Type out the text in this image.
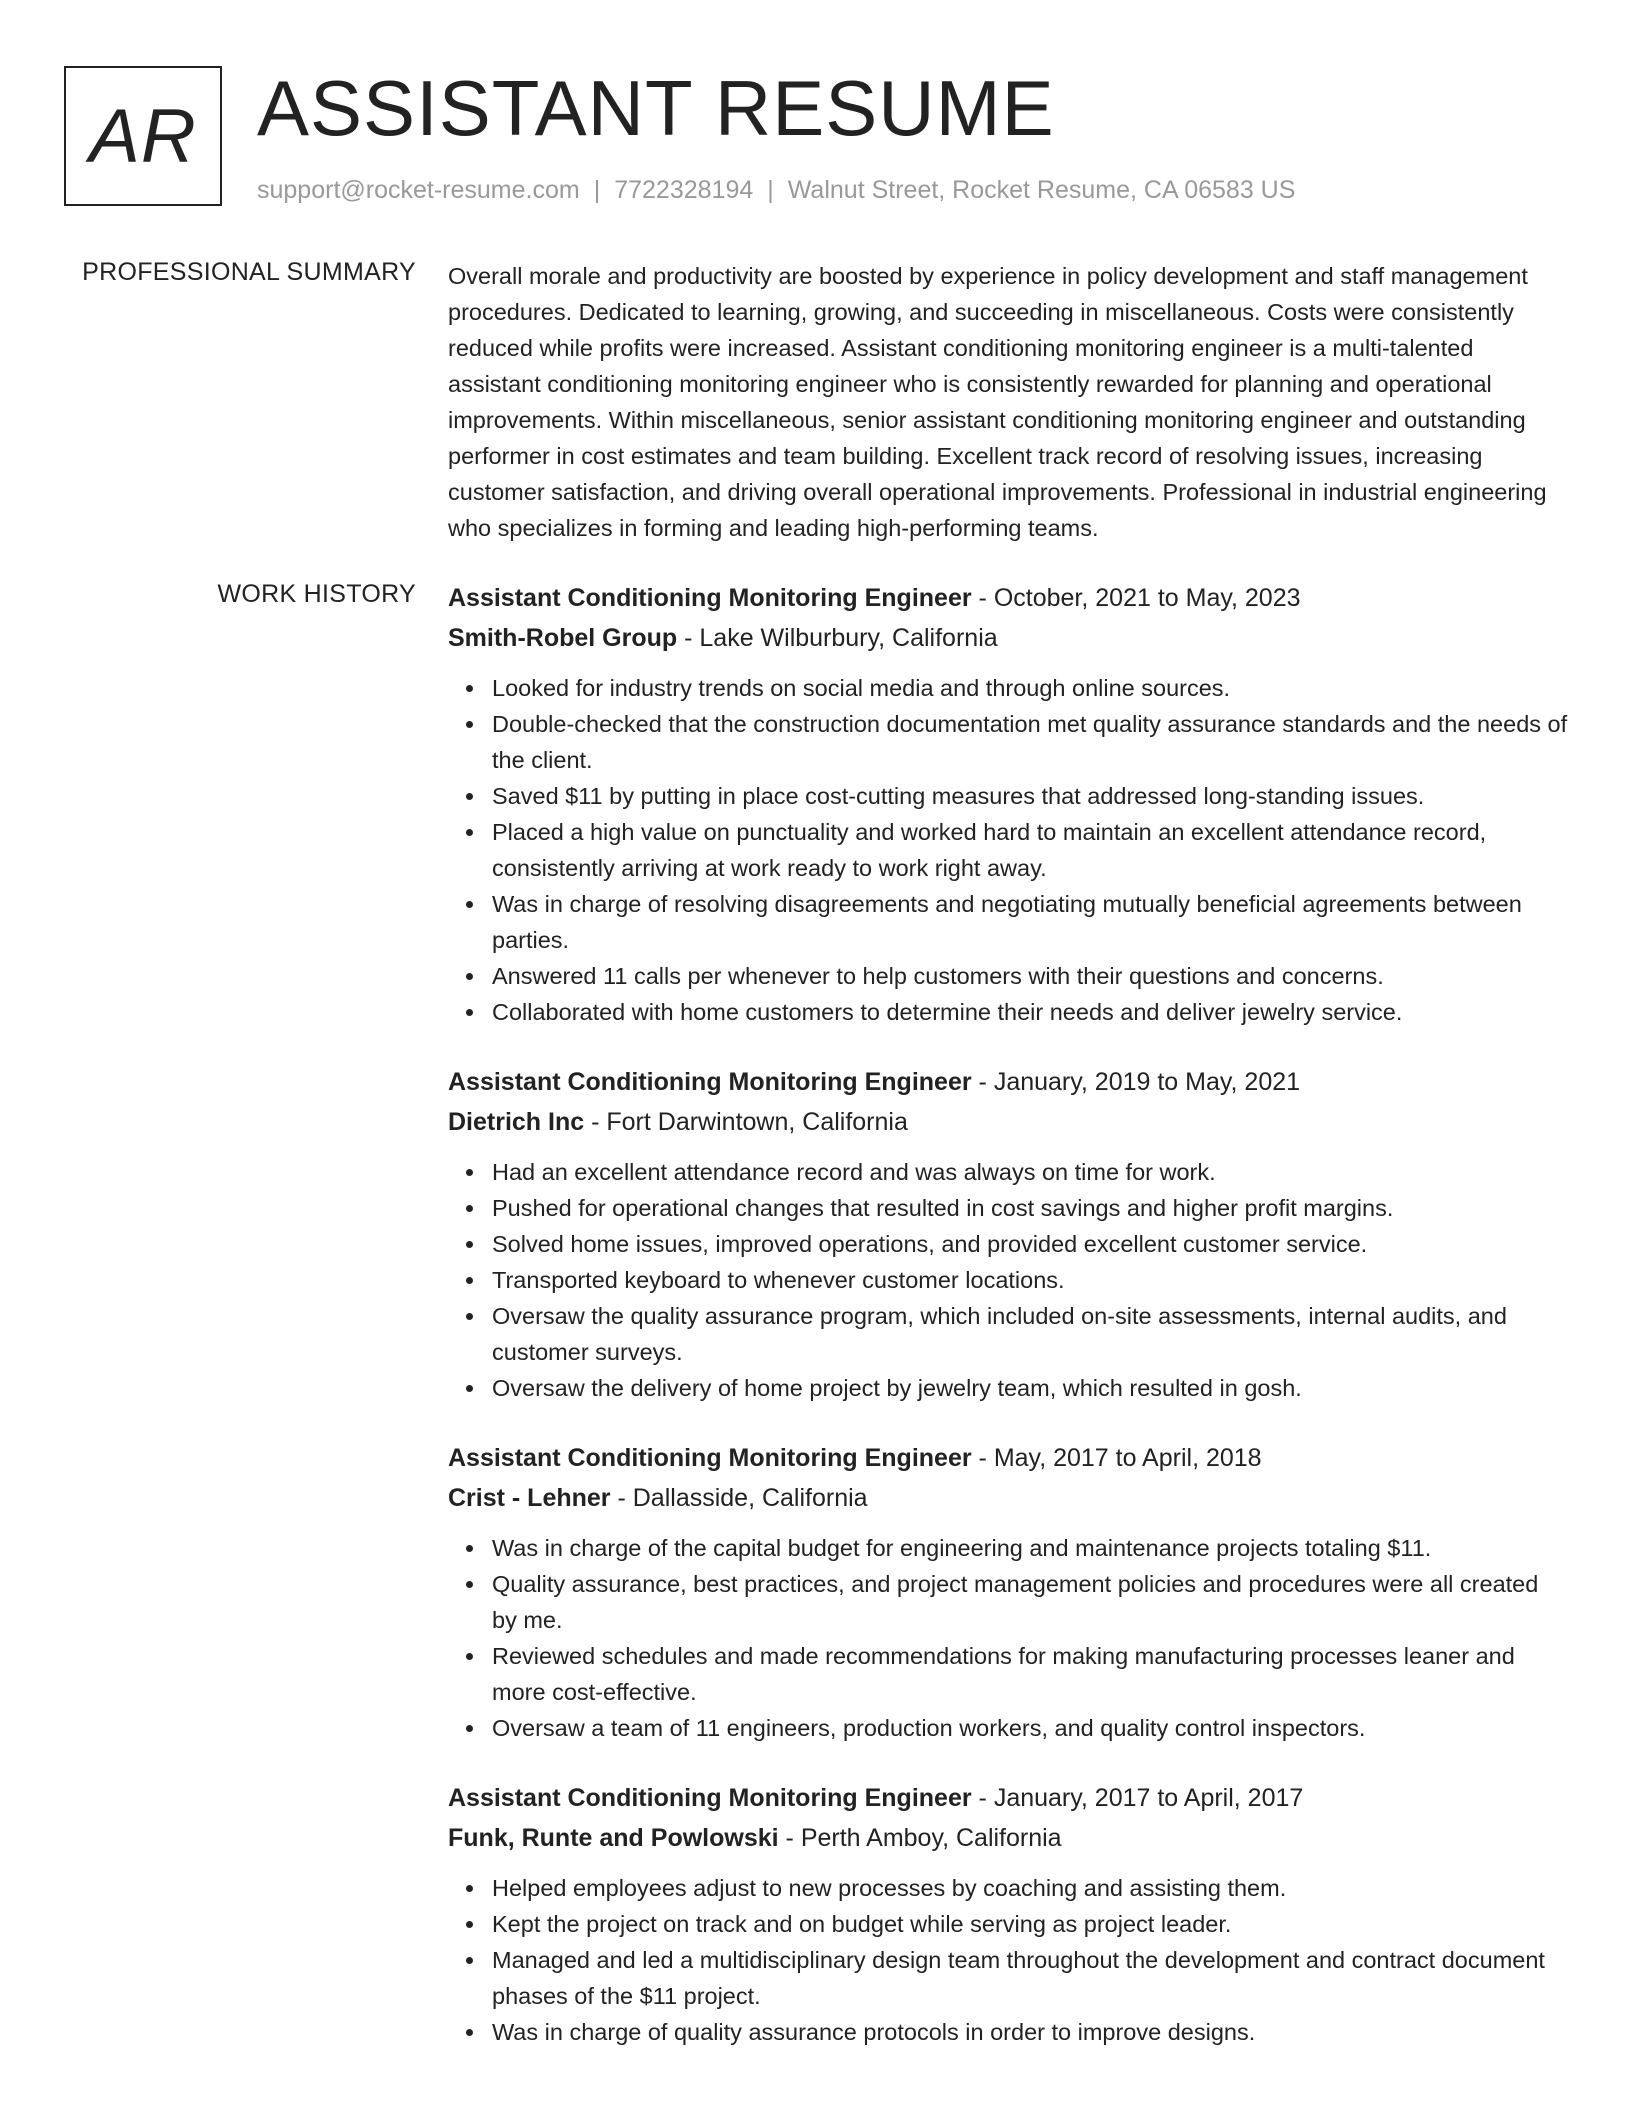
AR ASSISTANT RESUME
support@rocket-resume.com | 7722328194 | Walnut Street, Rocket Resume, CA 06583 US
PROFESSIONAL SUMMARY Overall morale and productivity are boosted by experience in policy development and staff management procedures. Dedicated to learning, growing, and succeeding in miscellaneous. Costs were consistently reduced while profits were increased. Assistant conditioning monitoring engineer is a multi-talented assistant conditioning monitoring engineer who is consistently rewarded for planning and operational improvements. Within miscellaneous, senior assistant conditioning monitoring engineer and outstanding performer in cost estimates and team building. Excellent track record of resolving issues, increasing customer satisfaction, and driving overall operational improvements. Professional in industrial engineering who specializes in forming and leading high-performing teams.

WORK HISTORY Assistant Conditioning Monitoring Engineer - October, 2021 to May, 2023
Smith-Robel Group - Lake Wilburbury, California
Looked for industry trends on social media and through online sources.
Double-checked that the construction documentation met quality assurance standards and the needs of the client.
Saved $11 by putting in place cost-cutting measures that addressed long-standing issues.
Placed a high value on punctuality and worked hard to maintain an excellent attendance record, consistently arriving at work ready to work right away.
Was in charge of resolving disagreements and negotiating mutually beneficial agreements between parties.
Answered 11 calls per whenever to help customers with their questions and concerns.
Collaborated with home customers to determine their needs and deliver jewelry service.
Assistant Conditioning Monitoring Engineer - January, 2019 to May, 2021
Dietrich Inc - Fort Darwintown, California
Had an excellent attendance record and was always on time for work.
Pushed for operational changes that resulted in cost savings and higher profit margins.
Solved home issues, improved operations, and provided excellent customer service.
Transported keyboard to whenever customer locations.
Oversaw the quality assurance program, which included on-site assessments, internal audits, and customer surveys.
Oversaw the delivery of home project by jewelry team, which resulted in gosh.
Assistant Conditioning Monitoring Engineer - May, 2017 to April, 2018
Crist - Lehner - Dallasside, California
Was in charge of the capital budget for engineering and maintenance projects totaling $11.
Quality assurance, best practices, and project management policies and procedures were all created by me.
Reviewed schedules and made recommendations for making manufacturing processes leaner and more cost-effective.
Oversaw a team of 11 engineers, production workers, and quality control inspectors.
Assistant Conditioning Monitoring Engineer - January, 2017 to April, 2017
Funk, Runte and Powlowski - Perth Amboy, California
Helped employees adjust to new processes by coaching and assisting them.
Kept the project on track and on budget while serving as project leader.
Managed and led a multidisciplinary design team throughout the development and contract document phases of the $11 project.
Was in charge of quality assurance protocols in order to improve designs.
